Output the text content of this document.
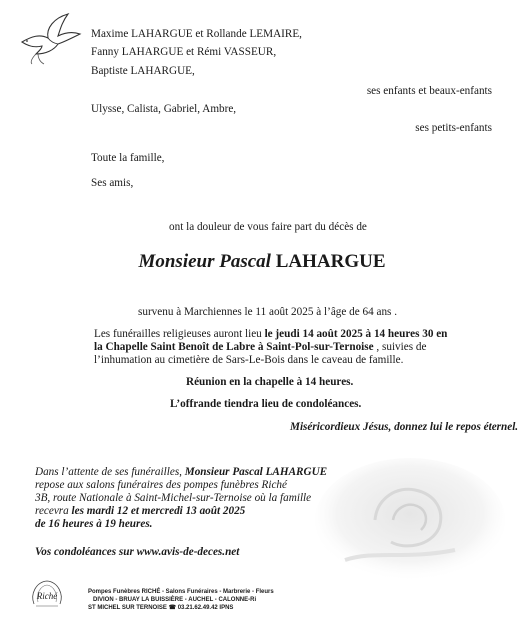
Maxime LAHARGUE et Rollande LEMAIRE,
Fanny LAHARGUE et Rémi VASSEUR,
Baptiste LAHARGUE,
ses enfants et beaux-enfants
Ulysse, Calista, Gabriel, Ambre,
ses petits-enfants
Toute la famille,
Ses amis,
ont la douleur de vous faire part du décès de
Monsieur Pascal LAHARGUE
survenu à Marchiennes le 11 août 2025 à l’âge de 64 ans .
Les funérailles religieuses auront lieu le jeudi 14 août 2025 à 14 heures 30 en
la Chapelle Saint Benoît de Labre à Saint-Pol-sur-Ternoise , suivies de
l’inhumation au cimetière de Sars-Le-Bois dans le caveau de famille.
Réunion en la chapelle à 14 heures.
L’offrande tiendra lieu de condoléances.
Miséricordieux Jésus, donnez lui le repos éternel.
Dans l’attente de ses funérailles, Monsieur Pascal LAHARGUE
repose aux salons funéraires des pompes funèbres Riché
3B, route Nationale à Saint-Michel-sur-Ternoise où la famille
recevra les mardi 12 et mercredi 13 août 2025
de 16 heures à 19 heures.
Vos condoléances sur www.avis-de-deces.net
Riché	Pompes Funèbres RICHÉ - Salons Funéraires - Marbrerie - Fleurs
DIVION - BRUAY LA BUISSIÈRE - AUCHEL - CALONNE-Ri
ST MICHEL SUR TERNOISE ☎ 03.21.62.49.42 IPNS
